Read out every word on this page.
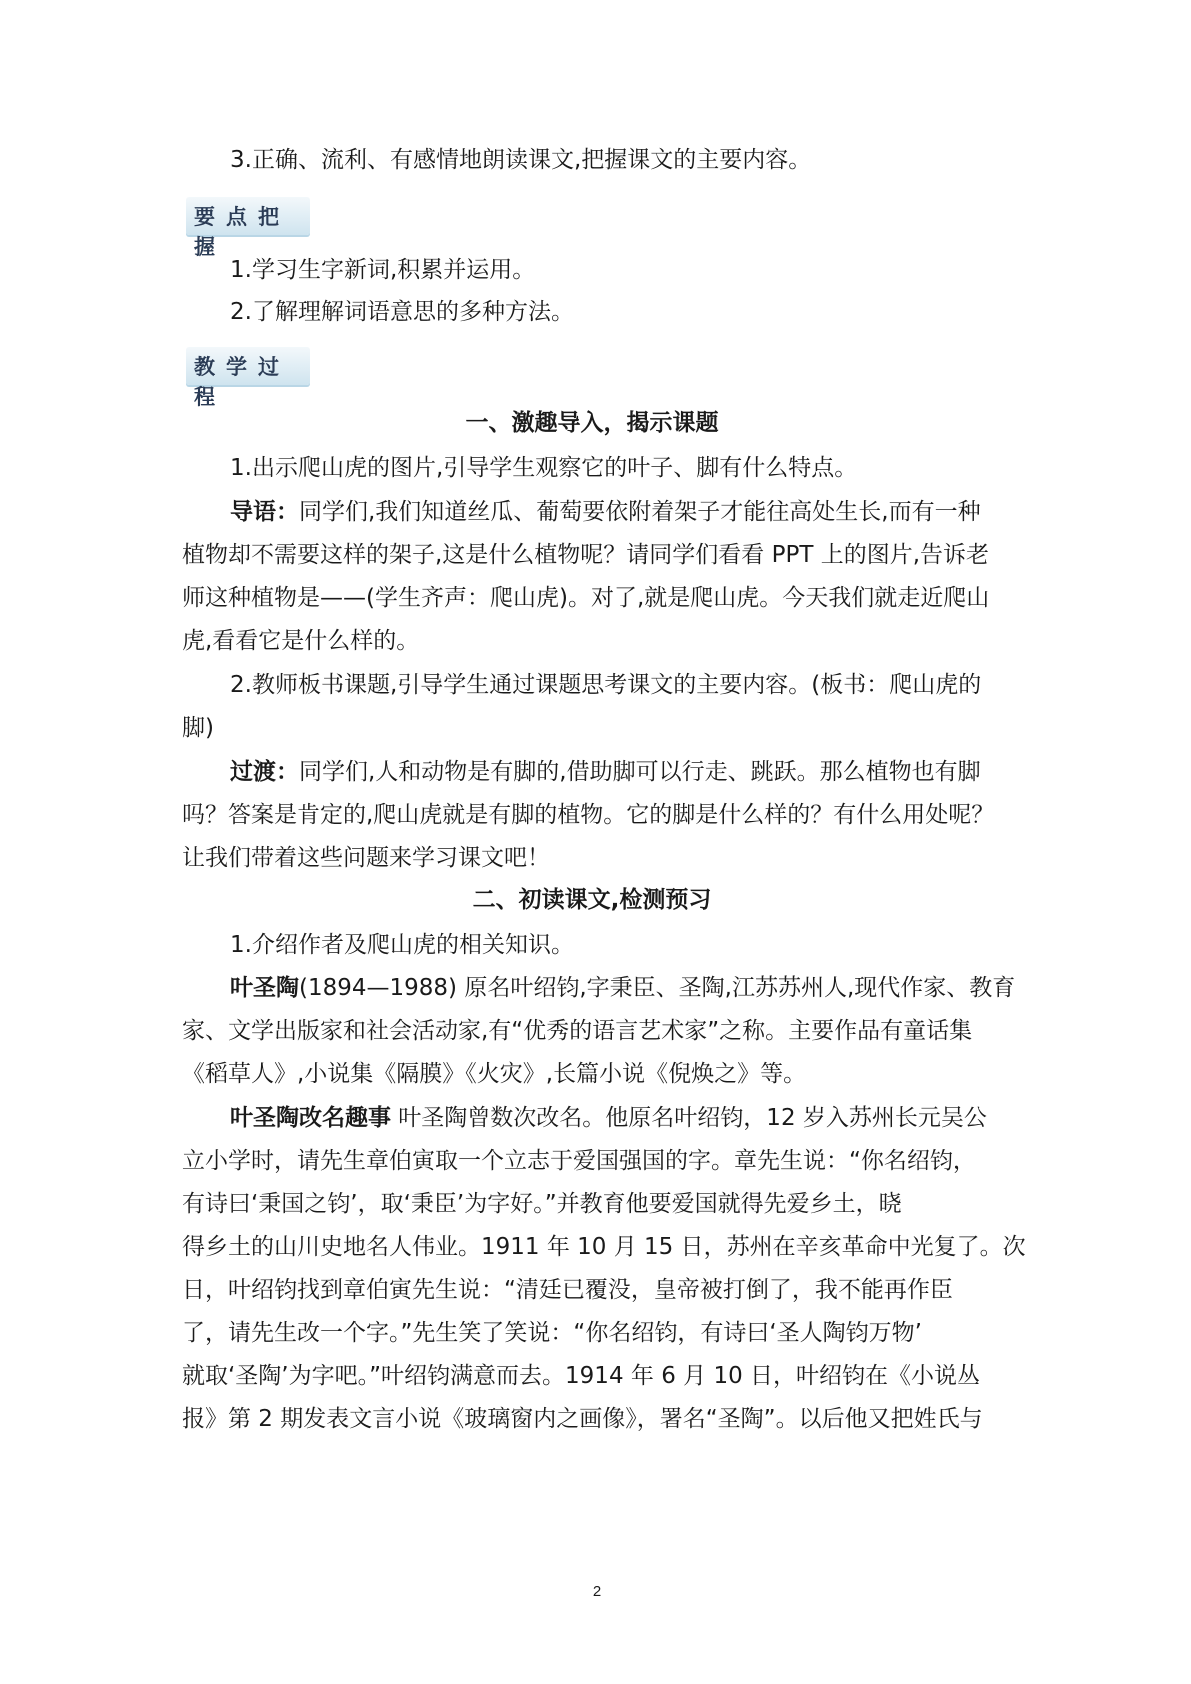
3.正确、流利、有感情地朗读课文,把握课文的主要内容。
要点把握
1.学习生字新词,积累并运用。
2.了解理解词语意思的多种方法。
教学过程
一、激趣导入，揭示课题
1.出示爬山虎的图片,引导学生观察它的叶子、脚有什么特点。
导语：同学们,我们知道丝瓜、葡萄要依附着架子才能往高处生长,而有一种
植物却不需要这样的架子,这是什么植物呢？请同学们看看 PPT 上的图片,告诉老
师这种植物是——(学生齐声：爬山虎)。对了,就是爬山虎。今天我们就走近爬山
虎,看看它是什么样的。
2.教师板书课题,引导学生通过课题思考课文的主要内容。(板书：爬山虎的
脚)
过渡：同学们,人和动物是有脚的,借助脚可以行走、跳跃。那么植物也有脚
吗？答案是肯定的,爬山虎就是有脚的植物。它的脚是什么样的？有什么用处呢？
让我们带着这些问题来学习课文吧！
二、初读课文,检测预习
1.介绍作者及爬山虎的相关知识。
叶圣陶(1894—1988) 原名叶绍钧,字秉臣、圣陶,江苏苏州人,现代作家、教育
家、文学出版家和社会活动家,有“优秀的语言艺术家”之称。主要作品有童话集
《稻草人》,小说集《隔膜》《火灾》,长篇小说《倪焕之》等。
叶圣陶改名趣事 叶圣陶曾数次改名。他原名叶绍钧，12 岁入苏州长元吴公
立小学时，请先生章伯寅取一个立志于爱国强国的字。章先生说：“你名绍钧，
有诗曰‘秉国之钧’，取‘秉臣’为字好。”并教育他要爱国就得先爱乡土，晓
得乡土的山川史地名人伟业。1911 年 10 月 15 日，苏州在辛亥革命中光复了。次
日，叶绍钧找到章伯寅先生说：“清廷已覆没，皇帝被打倒了，我不能再作臣
了，请先生改一个字。”先生笑了笑说：“你名绍钧，有诗曰‘圣人陶钧万物’
就取‘圣陶’为字吧。”叶绍钧满意而去。1914 年 6 月 10 日，叶绍钧在《小说丛
报》第 2 期发表文言小说《玻璃窗内之画像》，署名“圣陶”。以后他又把姓氏与
2
